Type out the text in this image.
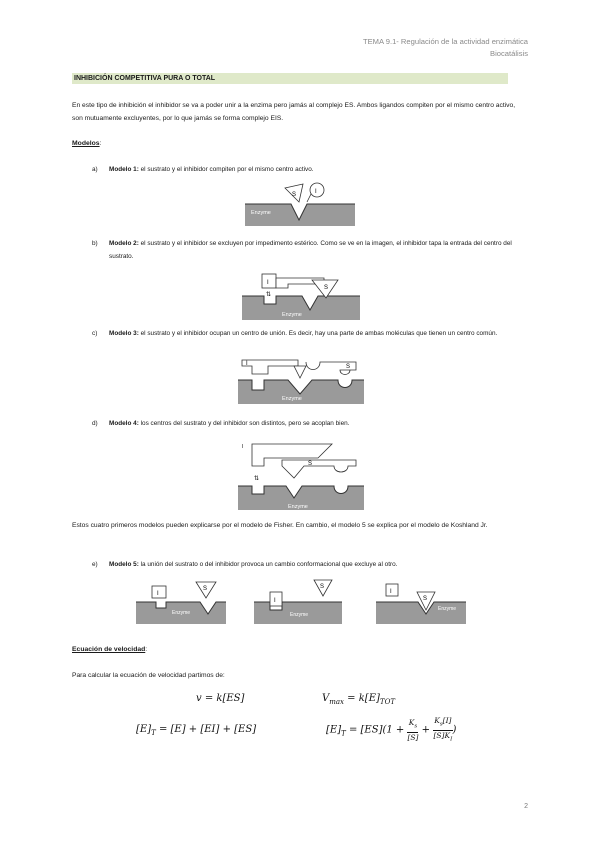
TEMA 9.1- Regulación de la actividad enzimática
Biocatálisis
INHIBICIÓN COMPETITIVA PURA O TOTAL
En este tipo de inhibición el inhibidor se va a poder unir a la enzima pero jamás al complejo ES. Ambos ligandos compiten por el mismo centro activo, son mutuamente excluyentes, por lo que jamás se forma complejo EIS.
Modelos:
a) Modelo 1: el sustrato y el inhibidor compiten por el mismo centro activo.
S	I
Enzyme
b) Modelo 2: el sustrato y el inhibidor se excluyen por impedimento estérico. Como se ve en la imagen, el inhibidor tapa la entrada del centro del sustrato.
I
S
⇅
Enzyme
c) Modelo 3: el sustrato y el inhibidor ocupan un centro de unión. Es decir, hay una parte de ambas moléculas que tienen un centro común.
I	S
Enzyme
d) Modelo 4: los centros del sustrato y del inhibidor son distintos, pero se acoplan bien.
I
S
⇅
Enzyme
Estos cuatro primeros modelos pueden explicarse por el modelo de Fisher. En cambio, el modelo 5 se explica por el modelo de Koshland Jr.
e) Modelo 5: la unión del sustrato o del inhibidor provoca un cambio conformacional que excluye al otro.
I
S
Enzyme
I
S
Enzyme
I
S
Enzyme
Ecuación de velocidad:
Para calcular la ecuación de velocidad partimos de:
v = k[ES]	$V_{max} = k[E]_{TOT}$
$[E]_T = [E] + [EI] + [ES]$	$[E]_T = [ES](1 + \frac{K_s}{[S]} + \frac{K_s[I]}{[S]K_I})$
2
